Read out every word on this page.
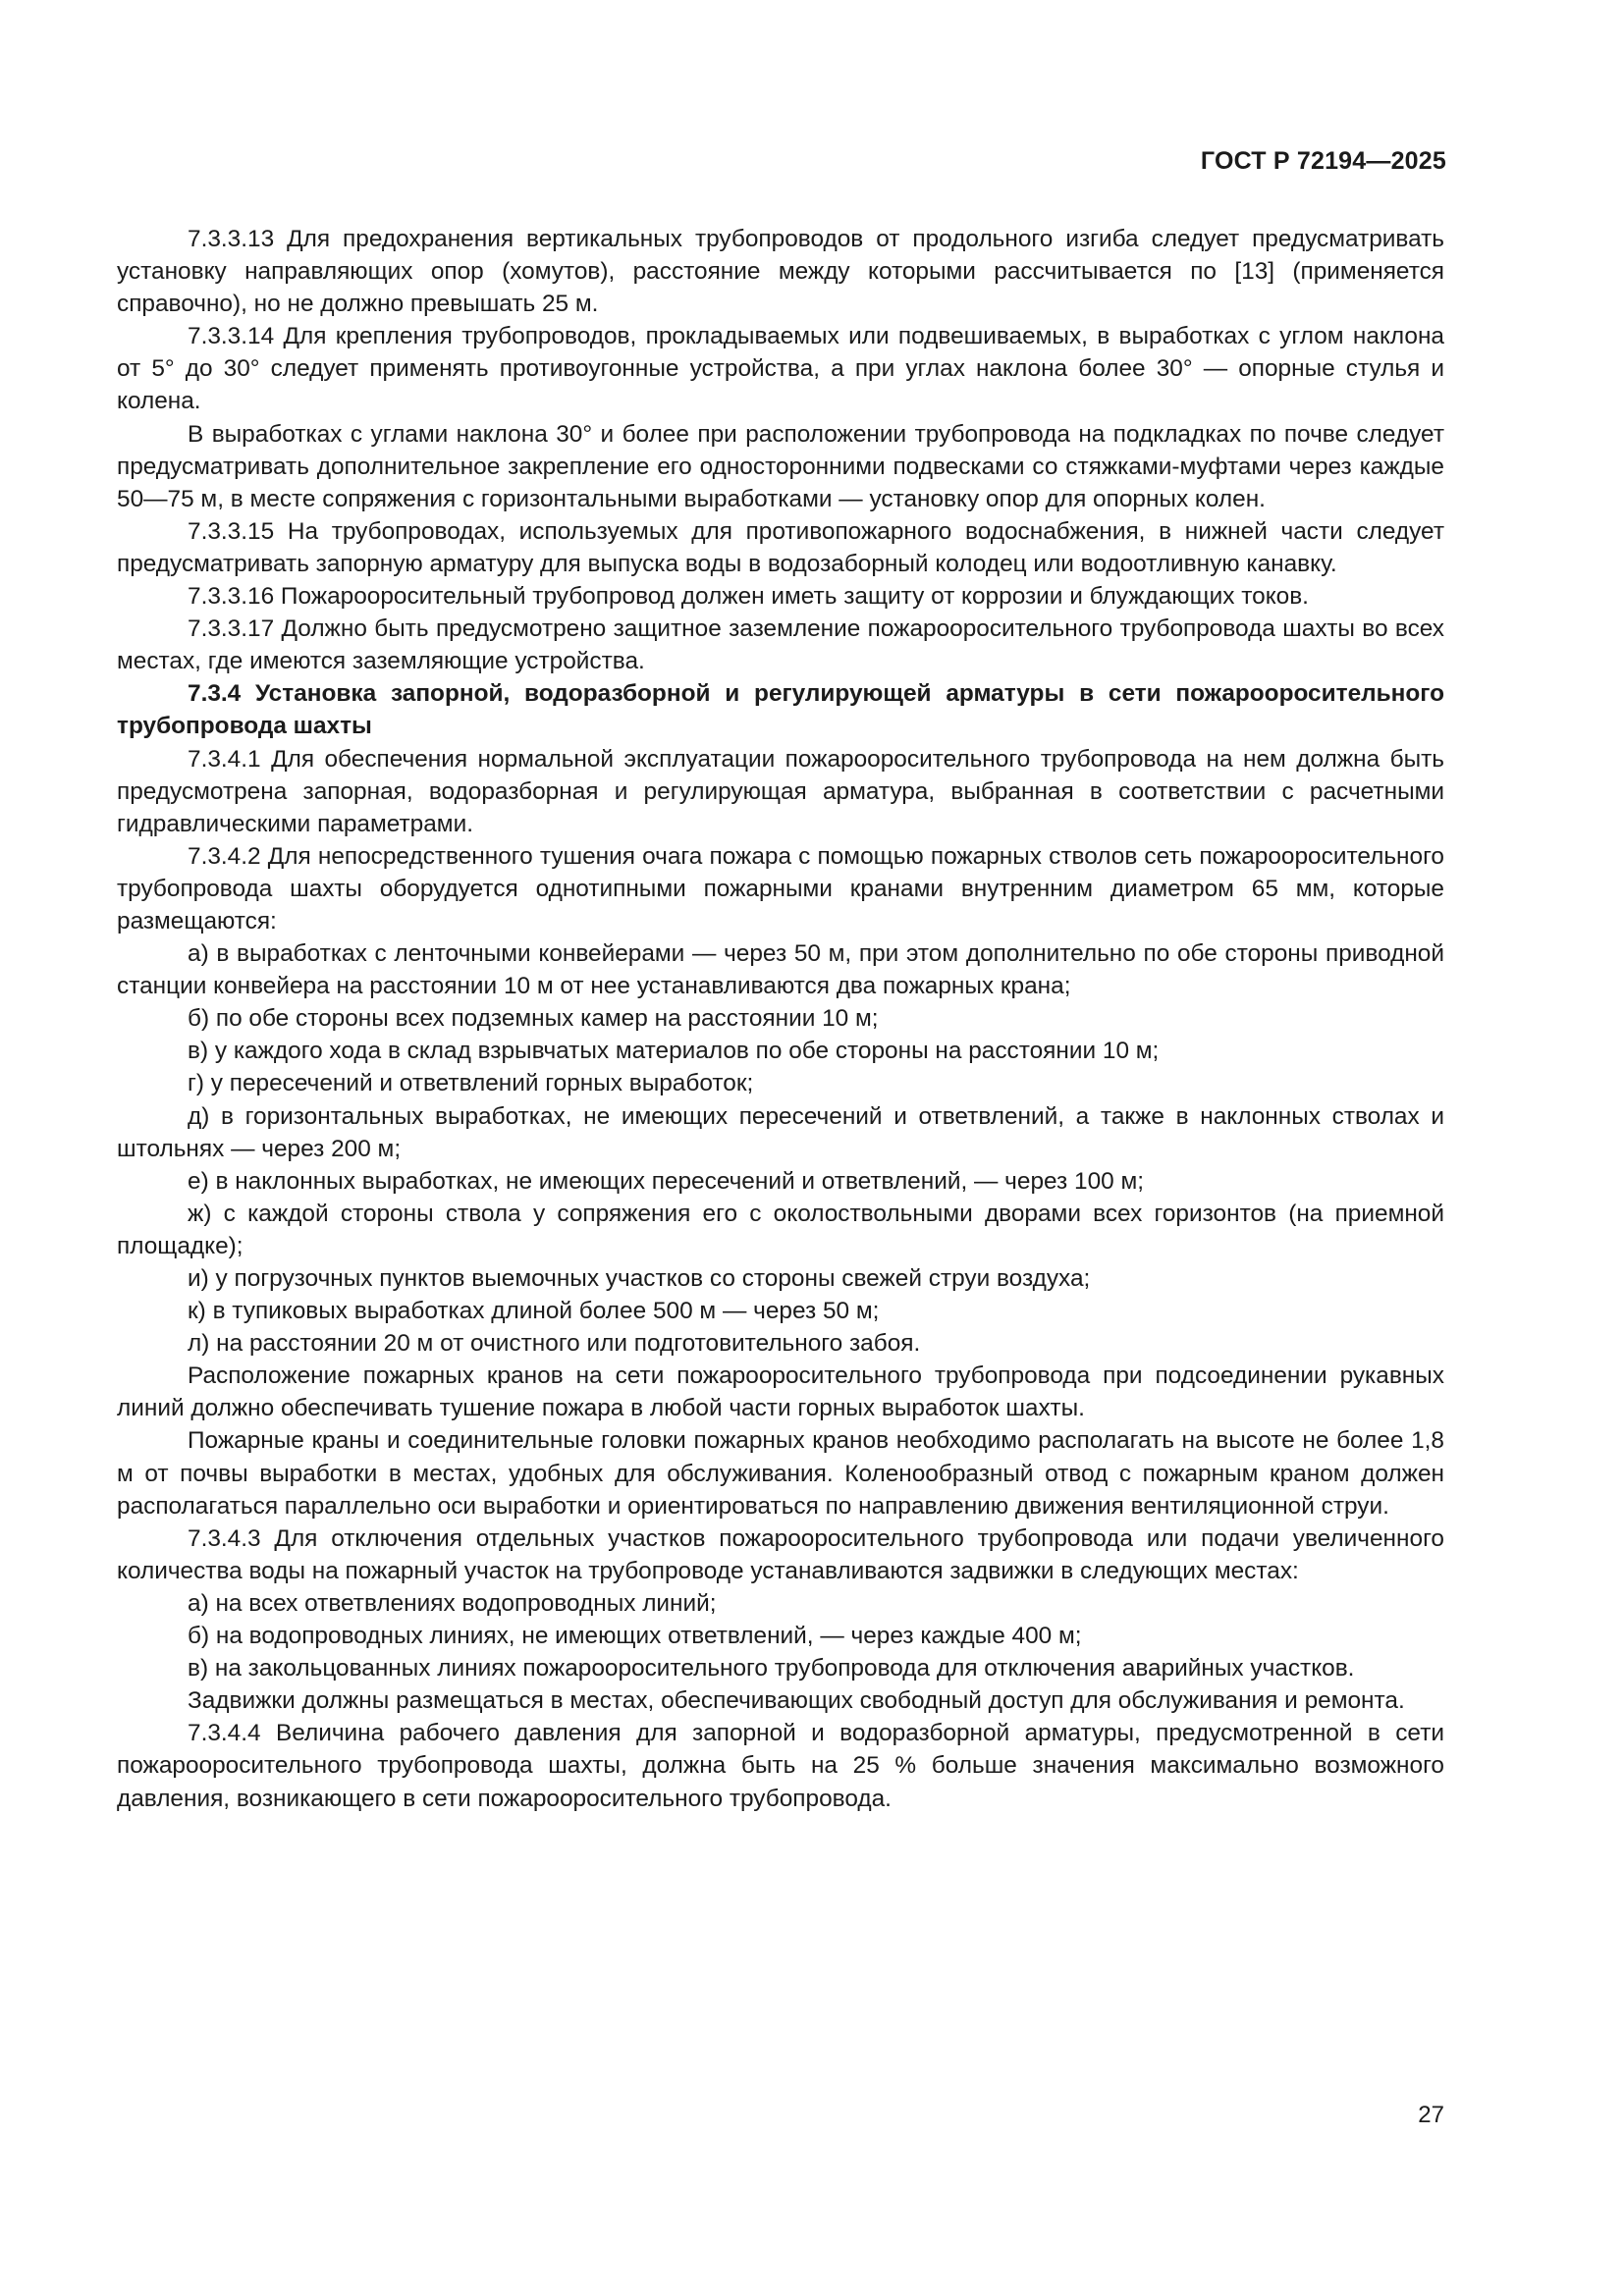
ГОСТ Р 72194—2025

7.3.3.13 Для предохранения вертикальных трубопроводов от продольного изгиба следует предусматривать установку направляющих опор (хомутов), расстояние между которыми рассчитывается по [13] (применяется справочно), но не должно превышать 25 м.

7.3.3.14 Для крепления трубопроводов, прокладываемых или подвешиваемых, в выработках с углом наклона от 5° до 30° следует применять противоугонные устройства, а при углах наклона более 30° — опорные стулья и колена.

В выработках с углами наклона 30° и более при расположении трубопровода на подкладках по почве следует предусматривать дополнительное закрепление его односторонними подвесками со стяжками-муфтами через каждые 50—75 м, в месте сопряжения с горизонтальными выработками — установку опор для опорных колен.

7.3.3.15 На трубопроводах, используемых для противопожарного водоснабжения, в нижней части следует предусматривать запорную арматуру для выпуска воды в водозаборный колодец или водоотливную канавку.

7.3.3.16 Пожарооросительный трубопровод должен иметь защиту от коррозии и блуждающих токов.

7.3.3.17 Должно быть предусмотрено защитное заземление пожарооросительного трубопровода шахты во всех местах, где имеются заземляющие устройства.

7.3.4 Установка запорной, водоразборной и регулирующей арматуры в сети пожарооросительного трубопровода шахты

7.3.4.1 Для обеспечения нормальной эксплуатации пожарооросительного трубопровода на нем должна быть предусмотрена запорная, водоразборная и регулирующая арматура, выбранная в соответствии с расчетными гидравлическими параметрами.

7.3.4.2 Для непосредственного тушения очага пожара с помощью пожарных стволов сеть пожарооросительного трубопровода шахты оборудуется однотипными пожарными кранами внутренним диаметром 65 мм, которые размещаются:

а) в выработках с ленточными конвейерами — через 50 м, при этом дополнительно по обе стороны приводной станции конвейера на расстоянии 10 м от нее устанавливаются два пожарных крана;

б) по обе стороны всех подземных камер на расстоянии 10 м;

в) у каждого хода в склад взрывчатых материалов по обе стороны на расстоянии 10 м;

г) у пересечений и ответвлений горных выработок;

д) в горизонтальных выработках, не имеющих пересечений и ответвлений, а также в наклонных стволах и штольнях — через 200 м;

е) в наклонных выработках, не имеющих пересечений и ответвлений, — через 100 м;

ж) с каждой стороны ствола у сопряжения его с околоствольными дворами всех горизонтов (на приемной площадке);

и) у погрузочных пунктов выемочных участков со стороны свежей струи воздуха;

к) в тупиковых выработках длиной более 500 м — через 50 м;

л) на расстоянии 20 м от очистного или подготовительного забоя.

Расположение пожарных кранов на сети пожарооросительного трубопровода при подсоединении рукавных линий должно обеспечивать тушение пожара в любой части горных выработок шахты.

Пожарные краны и соединительные головки пожарных кранов необходимо располагать на высоте не более 1,8 м от почвы выработки в местах, удобных для обслуживания. Коленообразный отвод с пожарным краном должен располагаться параллельно оси выработки и ориентироваться по направлению движения вентиляционной струи.

7.3.4.3 Для отключения отдельных участков пожарооросительного трубопровода или подачи увеличенного количества воды на пожарный участок на трубопроводе устанавливаются задвижки в следующих местах:

а) на всех ответвлениях водопроводных линий;

б) на водопроводных линиях, не имеющих ответвлений, — через каждые 400 м;

в) на закольцованных линиях пожарооросительного трубопровода для отключения аварийных участков.

Задвижки должны размещаться в местах, обеспечивающих свободный доступ для обслуживания и ремонта.

7.3.4.4 Величина рабочего давления для запорной и водоразборной арматуры, предусмотренной в сети пожарооросительного трубопровода шахты, должна быть на 25 % больше значения максимально возможного давления, возникающего в сети пожарооросительного трубопровода.

27
